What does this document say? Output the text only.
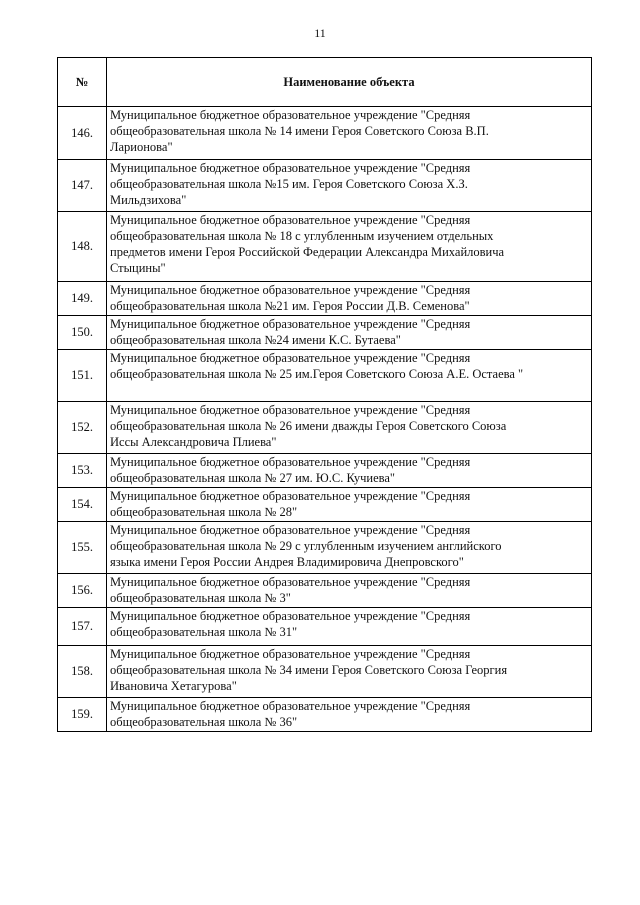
11
№	Наименование объекта
146.	Муниципальное бюджетное образовательное учреждение "Средняя
общеобразовательная школа № 14 имени Героя Советского Союза В.П.
Ларионова"

147.	Муниципальное бюджетное образовательное учреждение "Средняя
общеобразовательная школа №15 им. Героя Советского Союза Х.З.
Мильдзихова"

148.	Муниципальное бюджетное образовательное учреждение "Средняя
общеобразовательная школа № 18 с углубленным изучением отдельных
предметов имени Героя Российской Федерации Александра Михайловича
Стыцины"

149.	Муниципальное бюджетное образовательное учреждение "Средняя
общеобразовательная школа №21 им. Героя России Д.В. Семенова"

150.	Муниципальное бюджетное образовательное учреждение "Средняя
общеобразовательная школа №24 имени К.С. Бутаева"

151.	Муниципальное бюджетное образовательное учреждение "Средняя
общеобразовательная школа № 25 им.Героя Советского Союза А.Е. Остаева "

152.	Муниципальное бюджетное образовательное учреждение "Средняя
общеобразовательная школа № 26 имени дважды Героя Советского Союза
Иссы Александровича Плиева"

153.	Муниципальное бюджетное образовательное учреждение "Средняя
общеобразовательная школа № 27 им. Ю.С. Кучиева"

154.	Муниципальное бюджетное образовательное учреждение "Средняя
общеобразовательная школа № 28"

155.	Муниципальное бюджетное образовательное учреждение "Средняя
общеобразовательная школа № 29 с углубленным изучением английского
языка имени Героя России Андрея Владимировича Днепровского"

156.	Муниципальное бюджетное образовательное учреждение "Средняя
общеобразовательная школа № 3"

157.	Муниципальное бюджетное образовательное учреждение "Средняя
общеобразовательная школа № 31"

158.	Муниципальное бюджетное образовательное учреждение "Средняя
общеобразовательная школа № 34 имени Героя Советского Союза Георгия
Ивановича Хетагурова"

159.	Муниципальное бюджетное образовательное учреждение "Средняя
общеобразовательная школа № 36"
